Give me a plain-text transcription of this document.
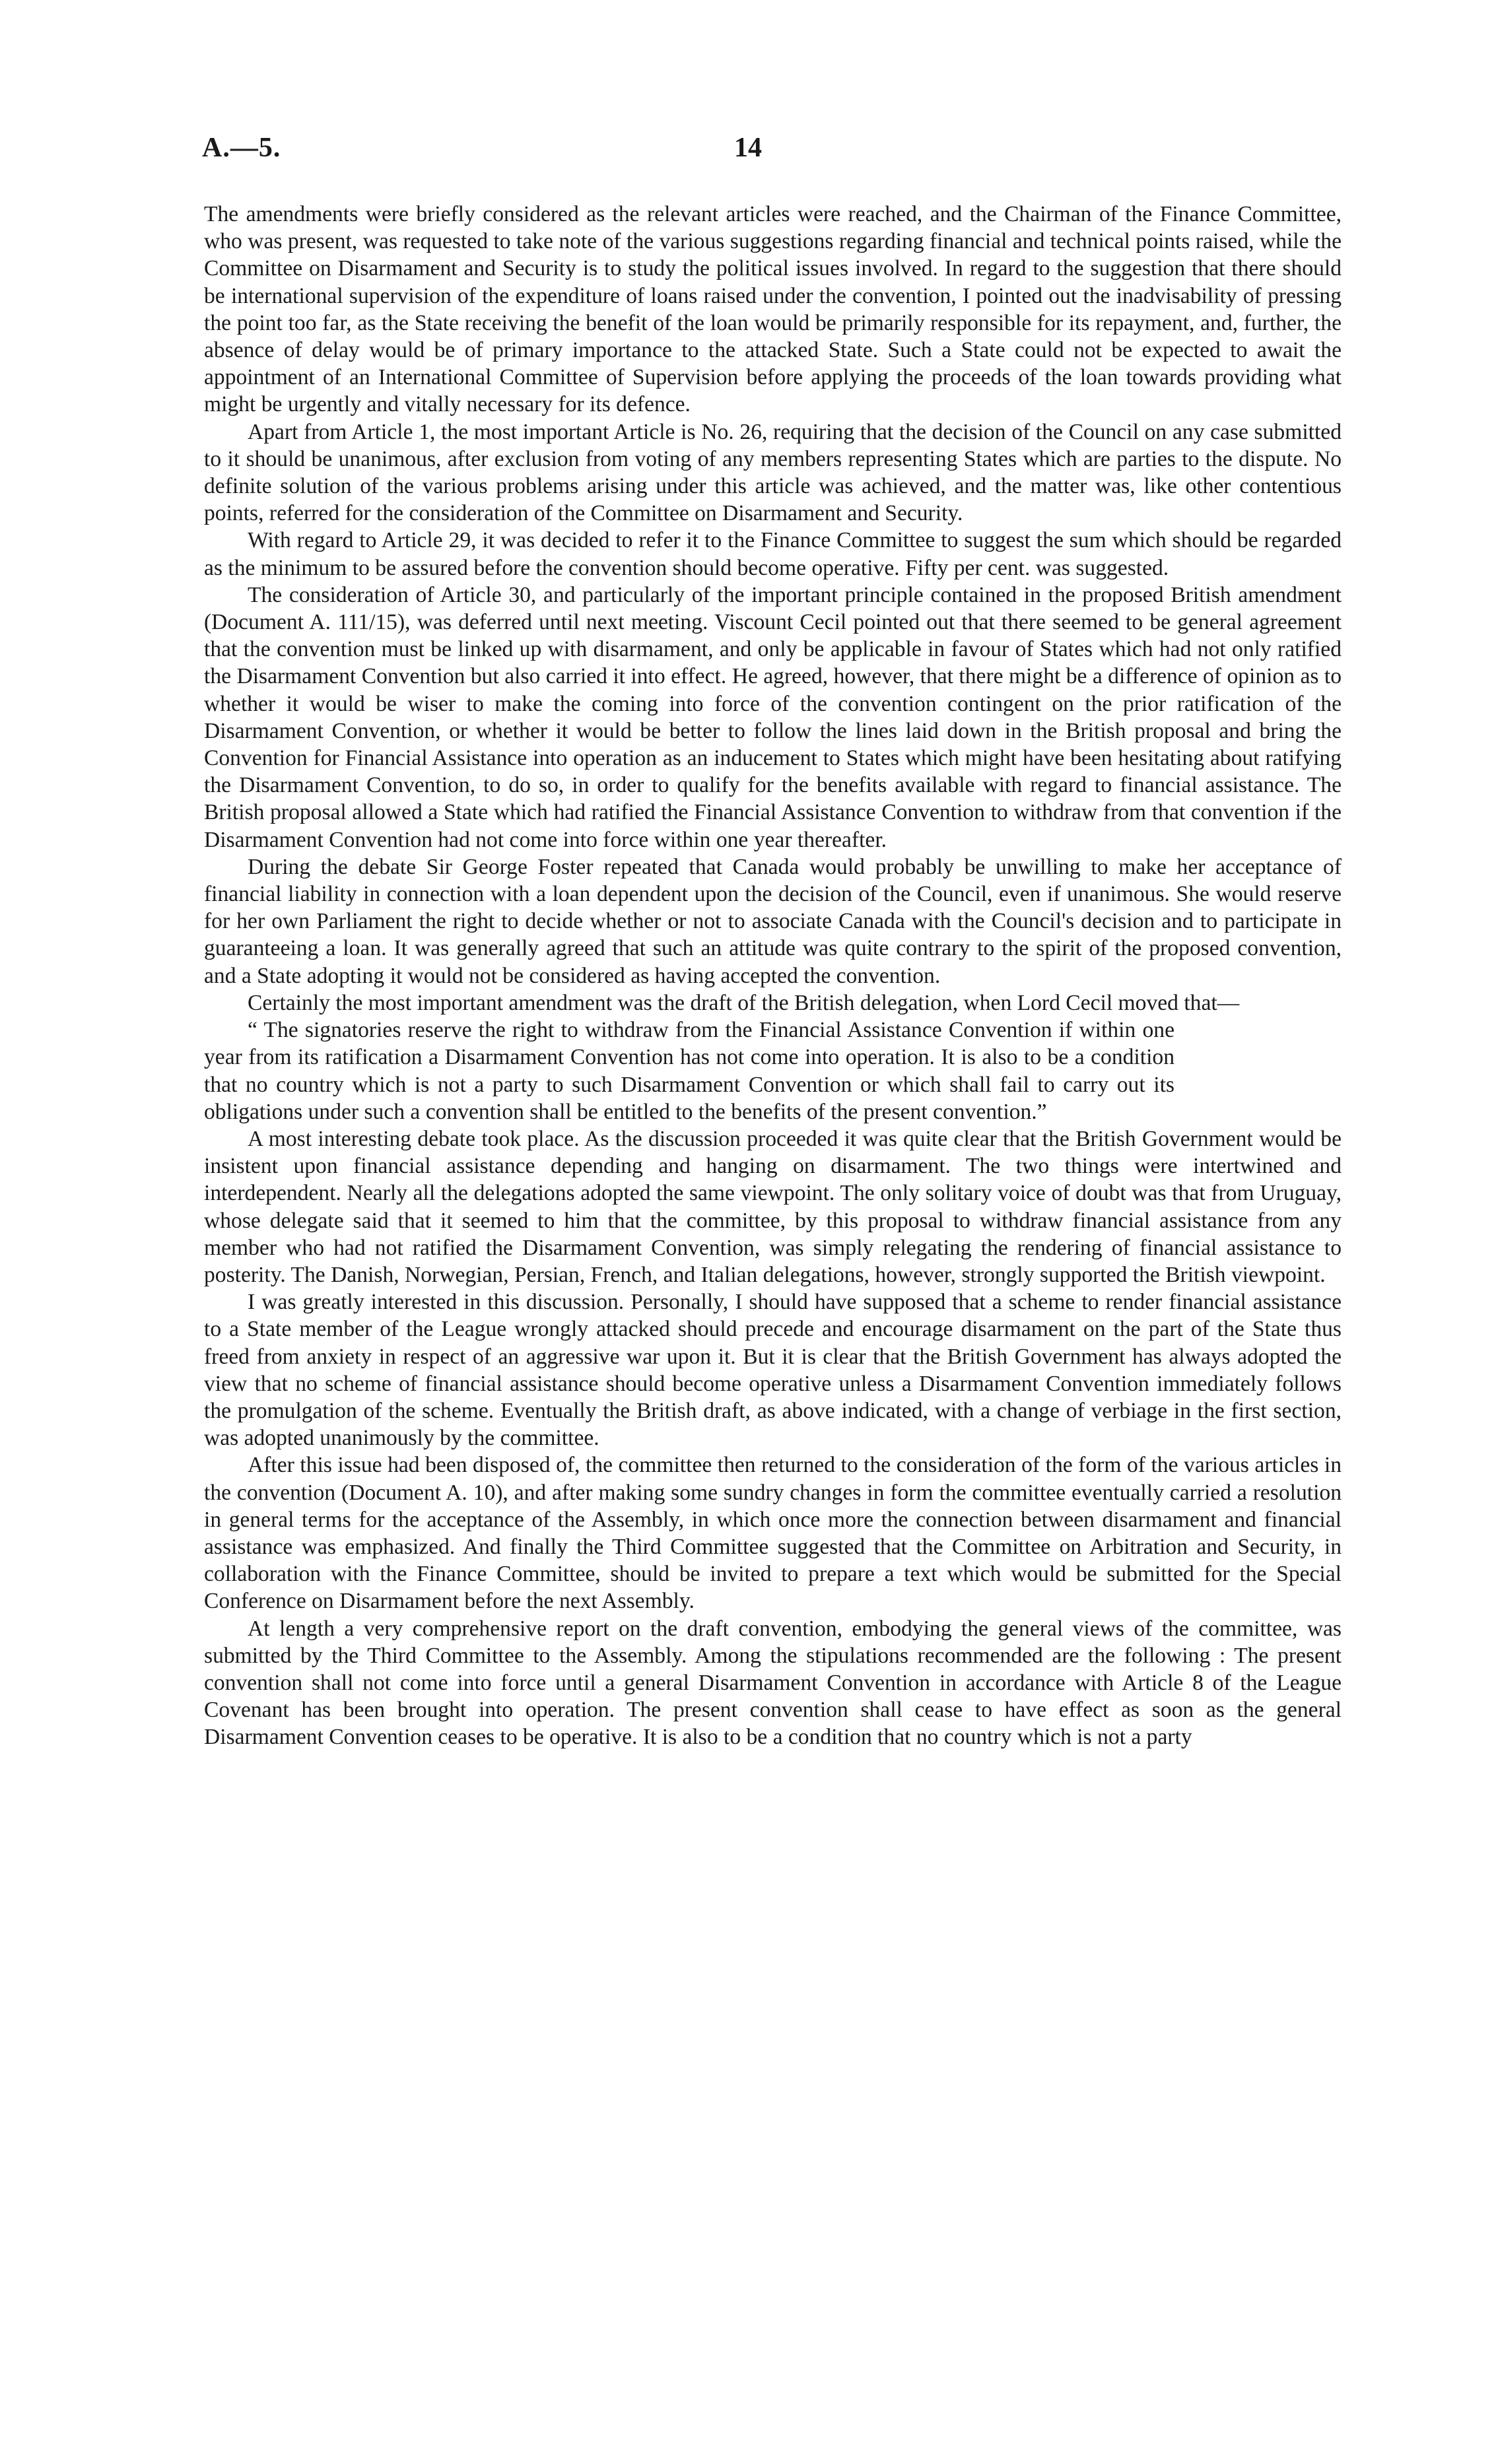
A.—5.	14

The amendments were briefly considered as the relevant articles were reached, and the Chairman of the Finance Committee, who was present, was requested to take note of the various suggestions regarding financial and technical points raised, while the Committee on Disarmament and Security is to study the political issues involved. In regard to the suggestion that there should be international supervision of the expenditure of loans raised under the convention, I pointed out the inadvisability of pressing the point too far, as the State receiving the benefit of the loan would be primarily responsible for its repayment, and, further, the absence of delay would be of primary importance to the attacked State. Such a State could not be expected to await the appointment of an International Committee of Supervision before applying the proceeds of the loan towards providing what might be urgently and vitally necessary for its defence.

Apart from Article 1, the most important Article is No. 26, requiring that the decision of the Council on any case submitted to it should be unanimous, after exclusion from voting of any members representing States which are parties to the dispute. No definite solution of the various problems arising under this article was achieved, and the matter was, like other contentious points, referred for the consideration of the Committee on Disarmament and Security.

With regard to Article 29, it was decided to refer it to the Finance Committee to suggest the sum which should be regarded as the minimum to be assured before the convention should become operative. Fifty per cent. was suggested.

The consideration of Article 30, and particularly of the important principle contained in the proposed British amendment (Document A. 111/15), was deferred until next meeting. Viscount Cecil pointed out that there seemed to be general agreement that the convention must be linked up with disarmament, and only be applicable in favour of States which had not only ratified the Disarmament Convention but also carried it into effect. He agreed, however, that there might be a difference of opinion as to whether it would be wiser to make the coming into force of the convention contingent on the prior ratification of the Disarmament Convention, or whether it would be better to follow the lines laid down in the British proposal and bring the Convention for Financial Assistance into operation as an inducement to States which might have been hesitating about ratifying the Disarmament Convention, to do so, in order to qualify for the benefits available with regard to financial assistance. The British proposal allowed a State which had ratified the Financial Assistance Convention to withdraw from that convention if the Disarmament Convention had not come into force within one year thereafter.

During the debate Sir George Foster repeated that Canada would probably be unwilling to make her acceptance of financial liability in connection with a loan dependent upon the decision of the Council, even if unanimous. She would reserve for her own Parliament the right to decide whether or not to associate Canada with the Council's decision and to participate in guaranteeing a loan. It was generally agreed that such an attitude was quite contrary to the spirit of the proposed convention, and a State adopting it would not be considered as having accepted the convention.

Certainly the most important amendment was the draft of the British delegation, when Lord Cecil moved that—

“ The signatories reserve the right to withdraw from the Financial Assistance Convention if within one year from its ratification a Disarmament Convention has not come into operation. It is also to be a condition that no country which is not a party to such Disarmament Convention or which shall fail to carry out its obligations under such a convention shall be entitled to the benefits of the present convention.”

A most interesting debate took place. As the discussion proceeded it was quite clear that the British Government would be insistent upon financial assistance depending and hanging on disarmament. The two things were intertwined and interdependent. Nearly all the delegations adopted the same viewpoint. The only solitary voice of doubt was that from Uruguay, whose delegate said that it seemed to him that the committee, by this proposal to withdraw financial assistance from any member who had not ratified the Disarmament Convention, was simply relegating the rendering of financial assistance to posterity. The Danish, Norwegian, Persian, French, and Italian delegations, however, strongly supported the British viewpoint.

I was greatly interested in this discussion. Personally, I should have supposed that a scheme to render financial assistance to a State member of the League wrongly attacked should precede and encourage disarmament on the part of the State thus freed from anxiety in respect of an aggressive war upon it. But it is clear that the British Government has always adopted the view that no scheme of financial assistance should become operative unless a Disarmament Convention immediately follows the promulgation of the scheme. Eventually the British draft, as above indicated, with a change of verbiage in the first section, was adopted unanimously by the committee.

After this issue had been disposed of, the committee then returned to the consideration of the form of the various articles in the convention (Document A. 10), and after making some sundry changes in form the committee eventually carried a resolution in general terms for the acceptance of the Assembly, in which once more the connection between disarmament and financial assistance was emphasized. And finally the Third Committee suggested that the Committee on Arbitration and Security, in collaboration with the Finance Committee, should be invited to prepare a text which would be submitted for the Special Conference on Disarmament before the next Assembly.

At length a very comprehensive report on the draft convention, embodying the general views of the committee, was submitted by the Third Committee to the Assembly. Among the stipulations recommended are the following : The present convention shall not come into force until a general Disarmament Convention in accordance with Article 8 of the League Covenant has been brought into operation. The present convention shall cease to have effect as soon as the general Disarmament Convention ceases to be operative. It is also to be a condition that no country which is not a party
